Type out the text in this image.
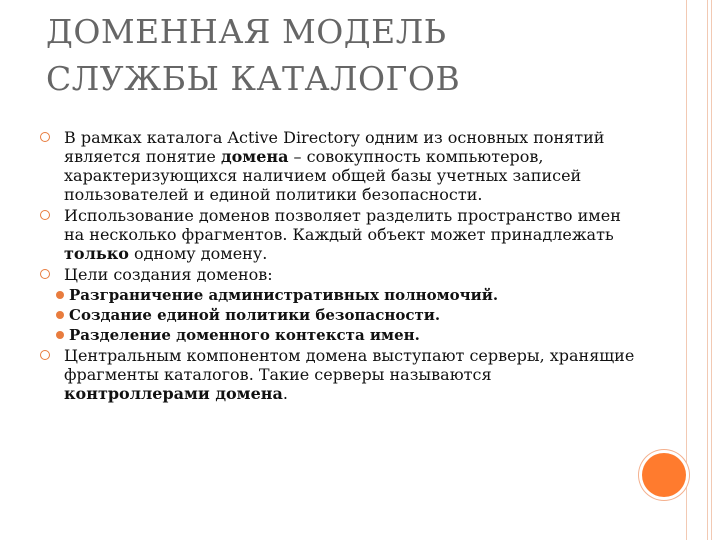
ДОМЕННАЯ МОДЕЛЬ
СЛУЖБЫ КАТАЛОГОВ
В рамках каталога Active Directory одним из основных понятий является понятие домена – совокупность компьютеров, характеризующихся наличием общей базы учетных записей пользователей и единой политики безопасности.
Использование доменов позволяет разделить пространство имен на несколько фрагментов. Каждый объект может принадлежать только одному домену.
Цели создания доменов:
Разграничение административных полномочий.
Создание единой политики безопасности.
Разделение доменного контекста имен.
Центральным компонентом домена выступают серверы, хранящие фрагменты каталогов. Такие серверы называются контроллерами домена.
